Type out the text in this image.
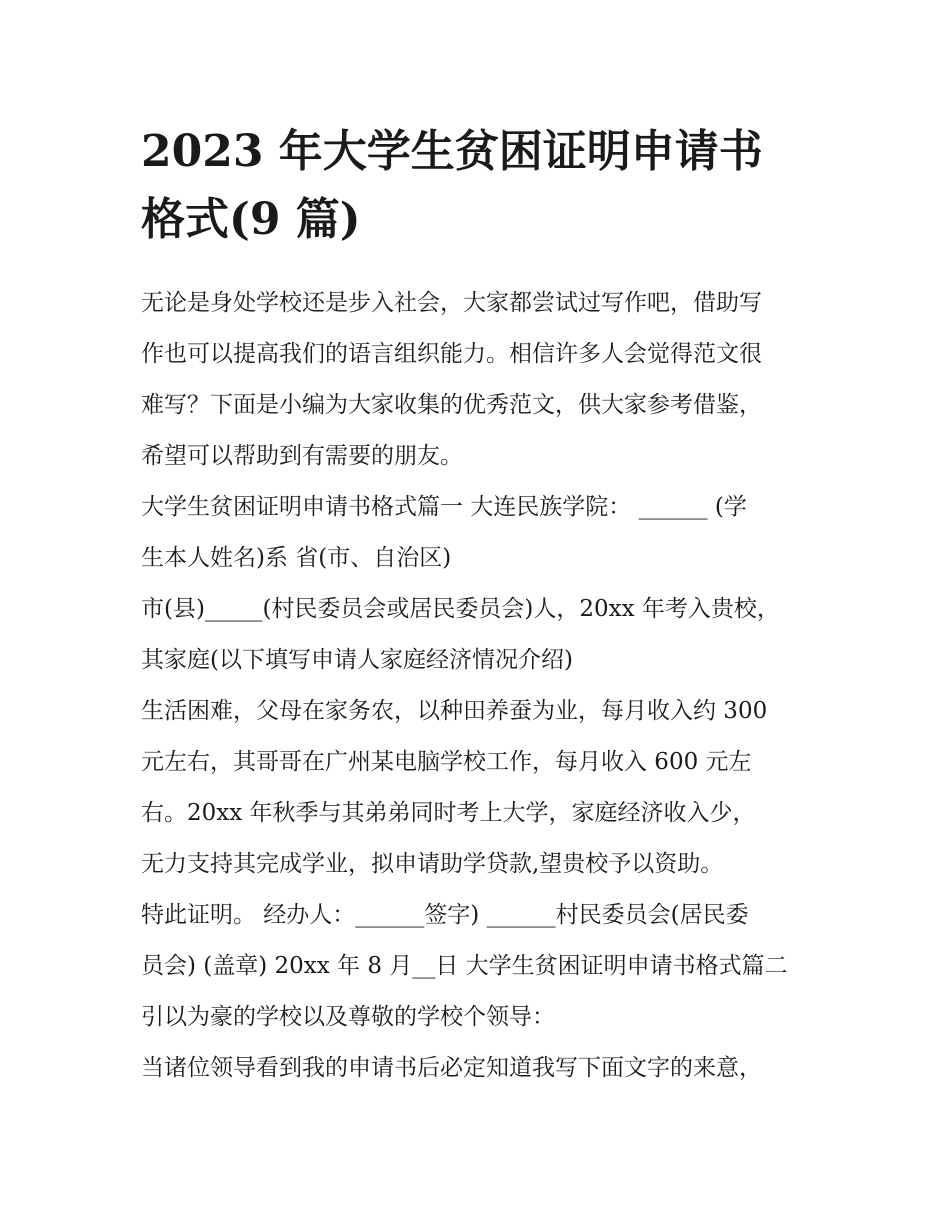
2023 年大学生贫困证明申请书
格式(9 篇)
无论是身处学校还是步入社会，大家都尝试过写作吧，借助写
作也可以提高我们的语言组织能力。相信许多人会觉得范文很
难写？下面是小编为大家收集的优秀范文，供大家参考借鉴，
希望可以帮助到有需要的朋友。
大学生贫困证明申请书格式篇一 大连民族学院： ______ (学
生本人姓名)系 省(市、自治区)
市(县)_____(村民委员会或居民委员会)人，20xx 年考入贵校，
其家庭(以下填写申请人家庭经济情况介绍)
生活困难，父母在家务农，以种田养蚕为业，每月收入约 300
元左右，其哥哥在广州某电脑学校工作，每月收入 600 元左
右。20xx 年秋季与其弟弟同时考上大学，家庭经济收入少，
无力支持其完成学业，拟申请助学贷款,望贵校予以资助。
特此证明。 经办人：______签字) ______村民委员会(居民委
员会) (盖章) 20xx 年 8 月__日 大学生贫困证明申请书格式篇二
引以为豪的学校以及尊敬的学校个领导：
当诸位领导看到我的申请书后必定知道我写下面文字的来意，
